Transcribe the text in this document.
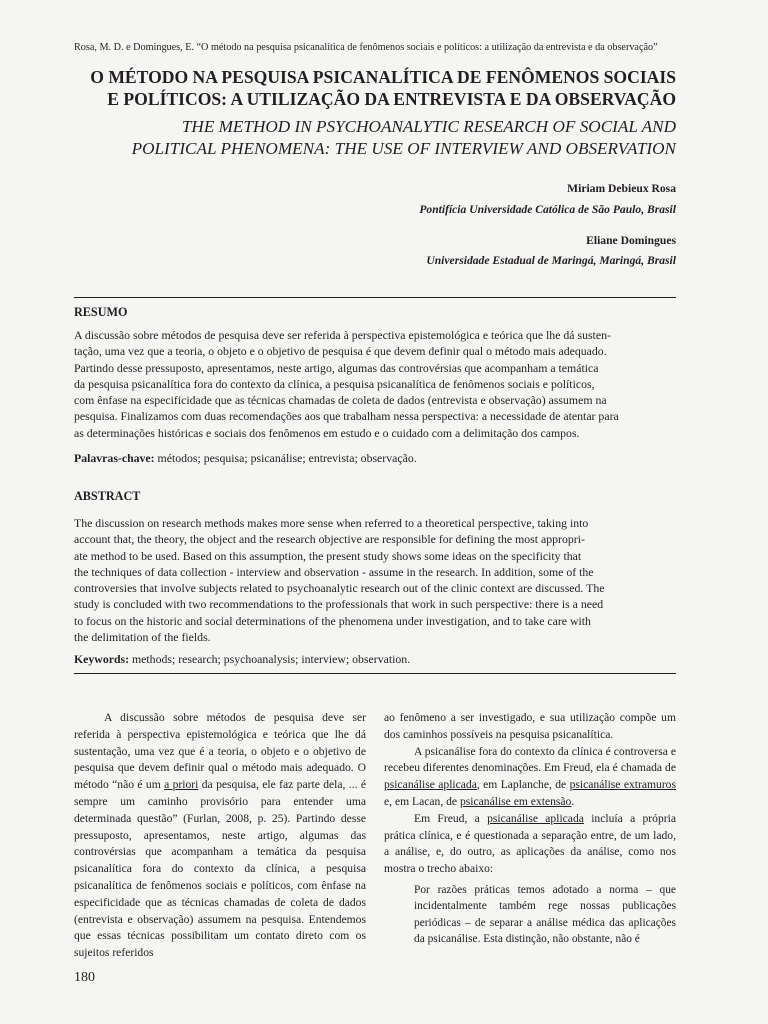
Rosa, M. D. e Domingues, E. “O método na pesquisa psicanalítica de fenômenos sociais e políticos: a utilização da entrevista e da observação”
O MÉTODO NA PESQUISA PSICANALÍTICA DE FENÔMENOS SOCIAIS
E POLÍTICOS: A UTILIZAÇÃO DA ENTREVISTA E DA OBSERVAÇÃO
THE METHOD IN PSYCHOANALYTIC RESEARCH OF SOCIAL AND
POLITICAL PHENOMENA: THE USE OF INTERVIEW AND OBSERVATION
Miriam Debieux Rosa
Pontifícia Universidade Católica de São Paulo, Brasil
Eliane Domingues
Universidade Estadual de Maringá, Maringá, Brasil
RESUMO
A discussão sobre métodos de pesquisa deve ser referida à perspectiva epistemológica e teórica que lhe dá susten-
tação, uma vez que a teoria, o objeto e o objetivo de pesquisa é que devem definir qual o método mais adequado.
Partindo desse pressuposto, apresentamos, neste artigo, algumas das controvérsias que acompanham a temática
da pesquisa psicanalítica fora do contexto da clínica, a pesquisa psicanalítica de fenômenos sociais e políticos,
com ênfase na especificidade que as técnicas chamadas de coleta de dados (entrevista e observação) assumem na
pesquisa. Finalizamos com duas recomendações aos que trabalham nessa perspectiva: a necessidade de atentar para
as determinações históricas e sociais dos fenômenos em estudo e o cuidado com a delimitação dos campos.
Palavras-chave: métodos; pesquisa; psicanálise; entrevista; observação.
ABSTRACT
The discussion on research methods makes more sense when referred to a theoretical perspective, taking into
account that, the theory, the object and the research objective are responsible for defining the most appropri-
ate method to be used. Based on this assumption, the present study shows some ideas on the specificity that
the techniques of data collection - interview and observation - assume in the research. In addition, some of the
controversies that involve subjects related to psychoanalytic research out of the clinic context are discussed. The
study is concluded with two recommendations to the professionals that work in such perspective: there is a need
to focus on the historic and social determinations of the phenomena under investigation, and to take care with
the delimitation of the fields.
Keywords: methods; research; psychoanalysis; interview; observation.

A discussão sobre métodos de pesquisa deve ser referida à perspectiva epistemológica e teórica que lhe dá sustentação, uma vez que é a teoria, o objeto e o objetivo de pesquisa que devem definir qual o método mais adequado. O método “não é um a priori da pesquisa, ele faz parte dela, ... é sempre um caminho provisório para entender uma determinada questão” (Furlan, 2008, p. 25). Partindo desse pressuposto, apresentamos, neste artigo, algumas das controvérsias que acompanham a temática da pesquisa psicanalítica fora do contexto da clínica, a pesquisa psicanalítica de fenômenos sociais e políticos, com ênfase na especificidade que as técnicas chamadas de coleta de dados (entrevista e observação) assumem na pesquisa. Entendemos que essas técnicas possibilitam um contato direto com os sujeitos referidos

ao fenômeno a ser investigado, e sua utilização compõe um dos caminhos possíveis na pesquisa psicanalítica.

A psicanálise fora do contexto da clínica é controversa e recebeu diferentes denominações. Em Freud, ela é chamada de psicanálise aplicada, em Laplanche, de psicanálise extramuros e, em Lacan, de psicanálise em extensão.

Em Freud, a psicanálise aplicada incluía a própria prática clínica, e é questionada a separação entre, de um lado, a análise, e, do outro, as aplicações da análise, como nos mostra o trecho abaixo:

Por razões práticas temos adotado a norma – que incidentalmente também rege nossas publicações periódicas – de separar a análise médica das aplicações da psicanálise. Esta distinção, não obstante, não é

180
